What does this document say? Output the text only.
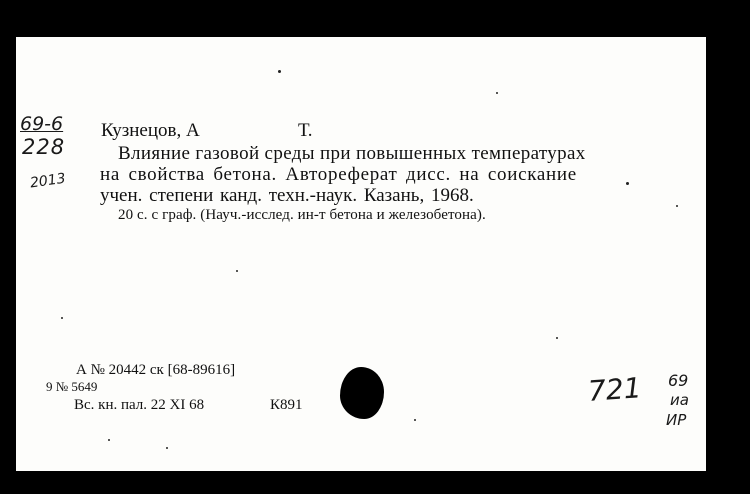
69-6
228
2013
Кузнецов, А	Т.
Влияние газовой среды при повышенных температурах
на свойства бетона. Автореферат дисс. на соискание
учен. степени канд. техн.-наук. Казань, 1968.
20 с. с граф. (Науч.-исслед. ин-т бетона и железобетона).
А № 20442 ск [68-89616]
9 № 5649
Вс. кн. пал. 22 XI 68	К891	721 69
иа
ИР
